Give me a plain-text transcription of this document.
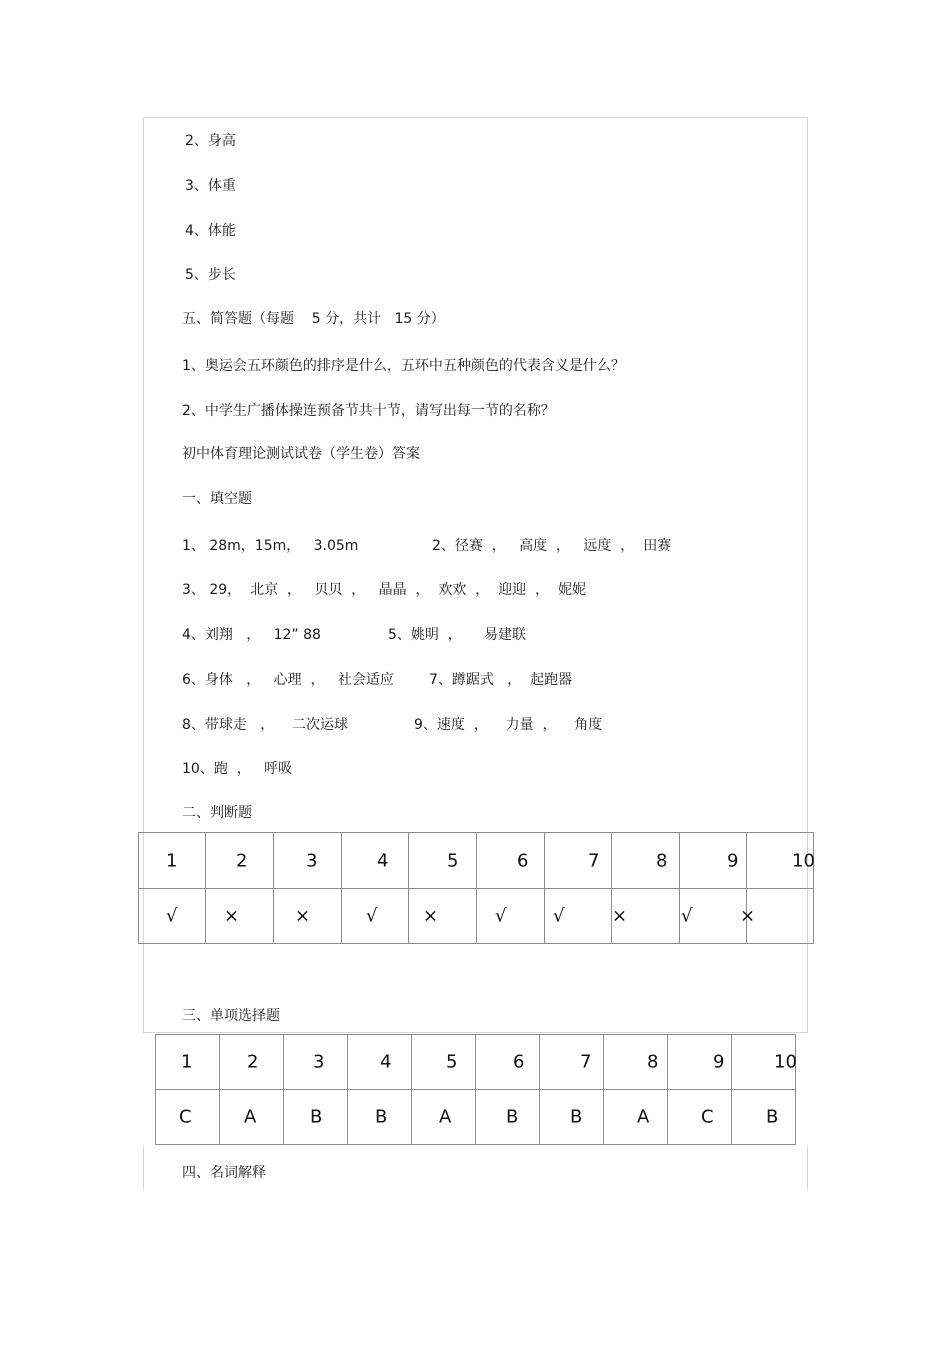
2、身高
3、体重
4、体能
5、步长
五、简答题（每题    5 分，共计   15 分）
1、奥运会五环颜色的排序是什么，五环中五种颜色的代表含义是什么？
2、中学生广播体操连预备节共十节，请写出每一节的名称？
初中体育理论测试试卷（学生卷）答案
一、填空题
1、 28m，15m，   3.05m	2、径赛  ，   高度  ，   远度  ，  田赛
3、 29，  北京  ，   贝贝  ，   晶晶  ，  欢欢  ，  迎迎  ，  妮妮
4、刘翔   ，   12” 88	5、姚明  ，     易建联
6、身体   ，   心理  ，   社会适应	7、蹲踞式   ，  起跑器
8、带球走   ，    二次运球	9、速度  ，    力量  ，    角度
10、跑  ，   呼吸
二、判断题
1	2	3	4	5	6	7	8	9	10

√	×	×	√	×	√	√	×	√	×
三、单项选择题
1	2	3	4	5	6	7	8	9	10

C	A	B	B	A	B	B	A	C	B
四、名词解释
